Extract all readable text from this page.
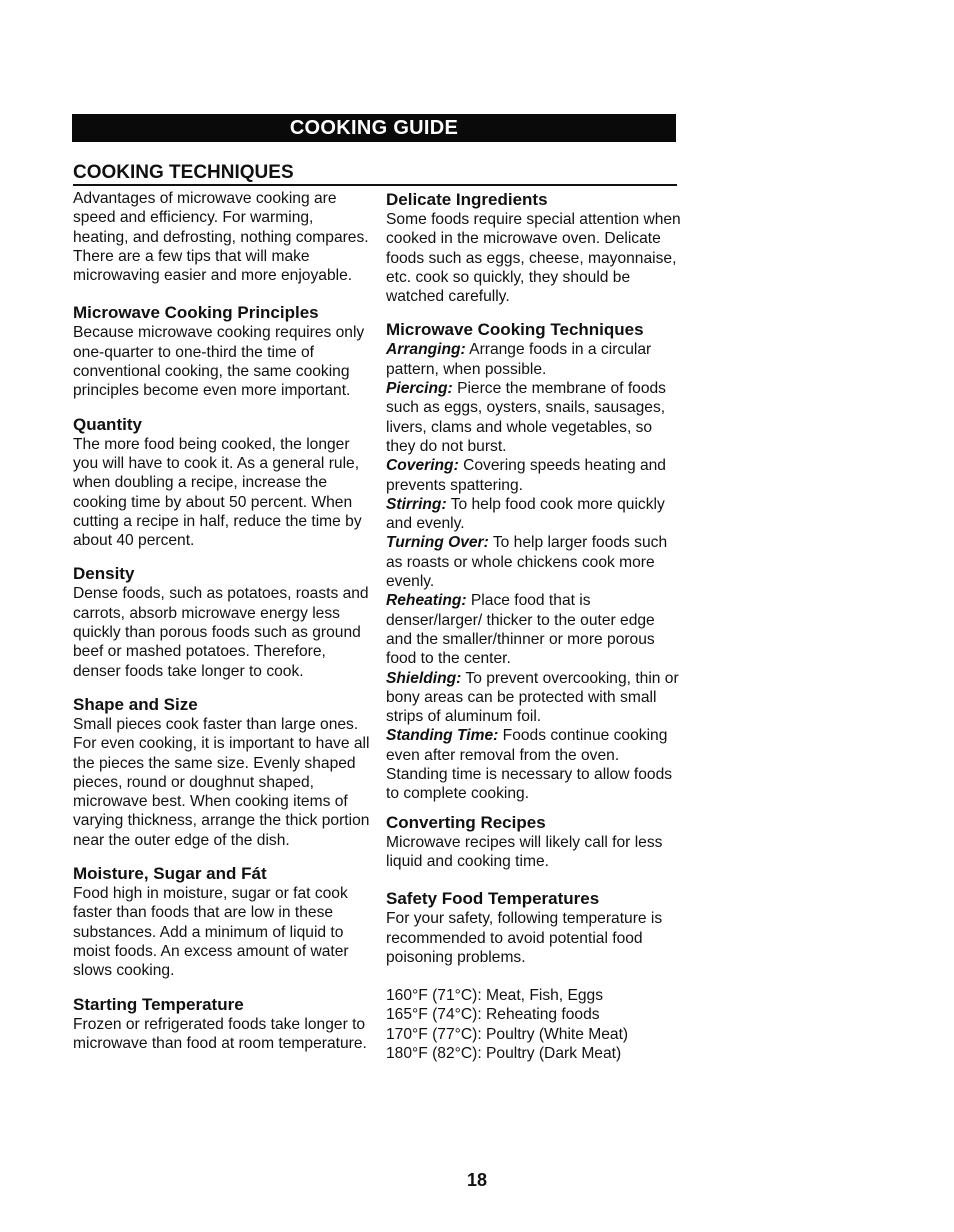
COOKING GUIDE
COOKING TECHNIQUES

Advantages of microwave cooking are speed and efficiency. For warming, heating, and defrosting, nothing compares. There are a few tips that will make microwaving easier and more enjoyable.

Microwave Cooking Principles

Because microwave cooking requires only one-quarter to one-third the time of conventional cooking, the same cooking principles become even more important.

Quantity

The more food being cooked, the longer you will have to cook it. As a general rule, when doubling a recipe, increase the cooking time by about 50 percent. When cutting a recipe in half, reduce the time by about 40 percent.

Density

Dense foods, such as potatoes, roasts and carrots, absorb microwave energy less quickly than porous foods such as ground beef or mashed potatoes. Therefore, denser foods take longer to cook.

Shape and Size

Small pieces cook faster than large ones. For even cooking, it is important to have all the pieces the same size. Evenly shaped pieces, round or doughnut shaped, microwave best. When cooking items of varying thickness, arrange the thick portion near the outer edge of the dish.

Moisture, Sugar and Fát

Food high in moisture, sugar or fat cook faster than foods that are low in these substances. Add a minimum of liquid to moist foods. An excess amount of water slows cooking.

Starting Temperature

Frozen or refrigerated foods take longer to microwave than food at room temperature.

Delicate Ingredients

Some foods require special attention when cooked in the microwave oven. Delicate foods such as eggs, cheese, mayonnaise, etc. cook so quickly, they should be watched carefully.

Microwave Cooking Techniques

Arranging: Arrange foods in a circular pattern, when possible.

Piercing: Pierce the membrane of foods such as eggs, oysters, snails, sausages, livers, clams and whole vegetables, so they do not burst.

Covering: Covering speeds heating and prevents spattering.

Stirring: To help food cook more quickly and evenly.

Turning Over: To help larger foods such as roasts or whole chickens cook more evenly.

Reheating: Place food that is denser/larger/ thicker to the outer edge and the smaller/thinner or more porous food to the center.

Shielding: To prevent overcooking, thin or bony areas can be protected with small strips of aluminum foil.

Standing Time: Foods continue cooking even after removal from the oven. Standing time is necessary to allow foods to complete cooking.

Converting Recipes

Microwave recipes will likely call for less liquid and cooking time.

Safety Food Temperatures

For your safety, following temperature is recommended to avoid potential food poisoning problems.

160°F (71°C): Meat, Fish, Eggs
165°F (74°C): Reheating foods
170°F (77°C): Poultry (White Meat)
180°F (82°C): Poultry (Dark Meat)
18
